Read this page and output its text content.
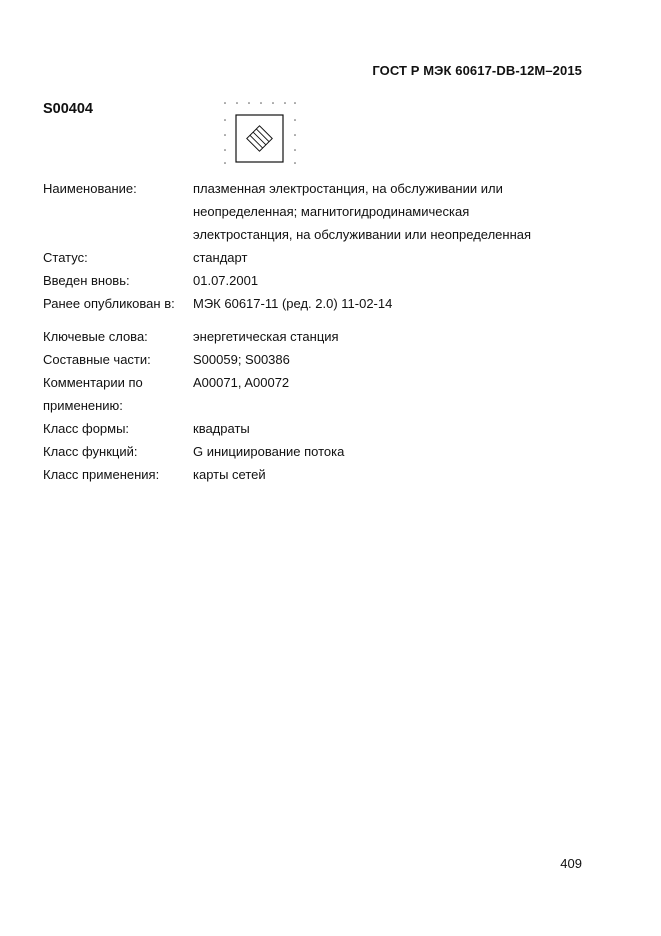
ГОСТ Р МЭК 60617-DB-12M–2015
S00404
Наименование:	плазменная электростанция, на обслуживании или
неопределенная; магнитогидродинамическая
электростанция, на обслуживании или неопределенная
Статус:	стандарт
Введен вновь:	01.07.2001
Ранее опубликован в:	МЭК 60617-11 (ред. 2.0) 11-02-14
Ключевые слова:	энергетическая станция
Составные части:	S00059; S00386
Комментарии по
применению:
A00071, A00072
Класс формы:	квадраты
Класс функций:	G инициирование потока
Класс применения:	карты сетей
409
